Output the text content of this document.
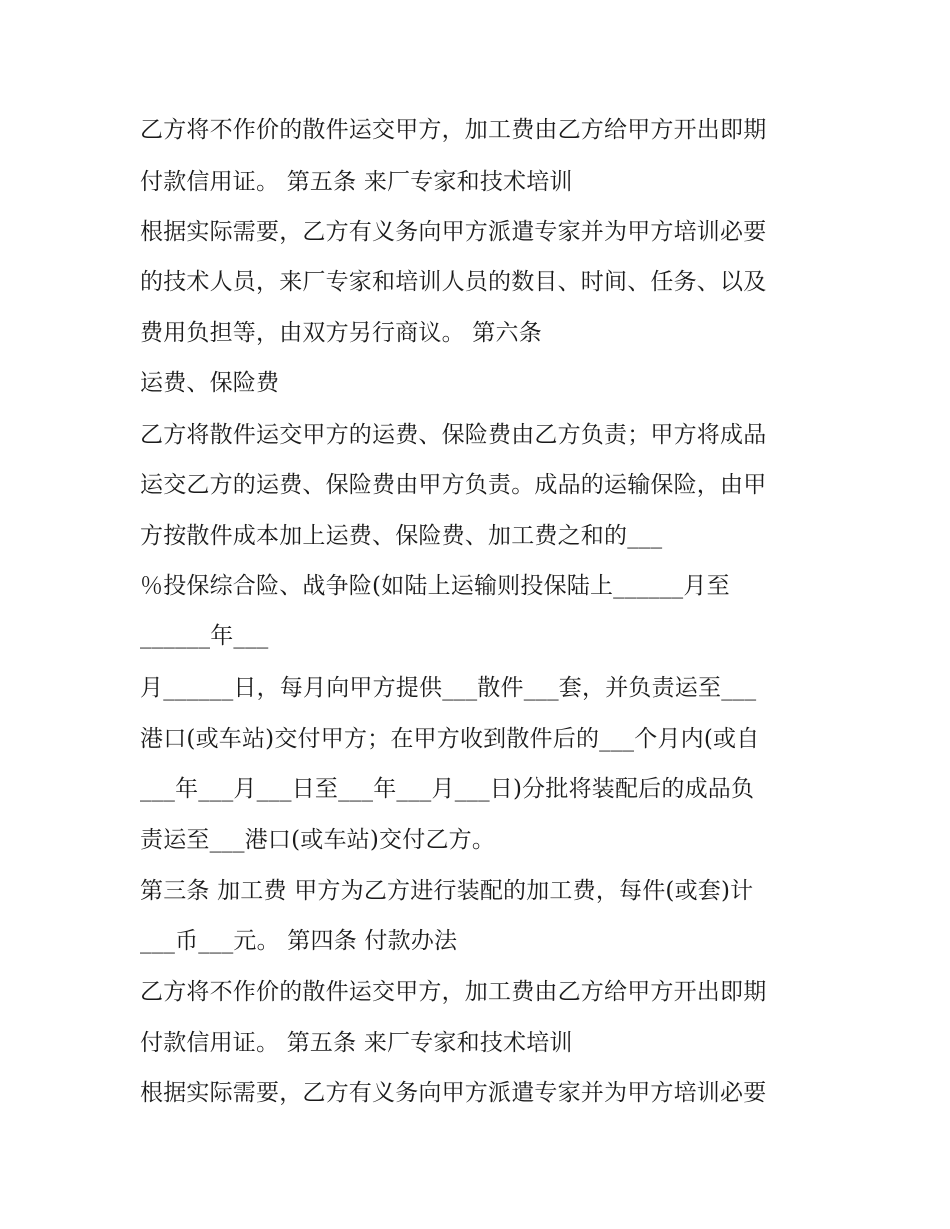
乙方将不作价的散件运交甲方，加工费由乙方给甲方开出即期
付款信用证。 第五条 来厂专家和技术培训
根据实际需要，乙方有义务向甲方派遣专家并为甲方培训必要
的技术人员，来厂专家和培训人员的数目、时间、任务、以及
费用负担等，由双方另行商议。 第六条
运费、保险费
乙方将散件运交甲方的运费、保险费由乙方负责；甲方将成品
运交乙方的运费、保险费由甲方负责。成品的运输保险，由甲
方按散件成本加上运费、保险费、加工费之和的___
％投保综合险、战争险(如陆上运输则投保陆上______月至
______年___
月______日，每月向甲方提供___散件___套，并负责运至___
港口(或车站)交付甲方；在甲方收到散件后的___个月内(或自
___年___月___日至___年___月___日)分批将装配后的成品负
责运至___港口(或车站)交付乙方。
第三条 加工费 甲方为乙方进行装配的加工费，每件(或套)计
___币___元。 第四条 付款办法
乙方将不作价的散件运交甲方，加工费由乙方给甲方开出即期
付款信用证。 第五条 来厂专家和技术培训
根据实际需要，乙方有义务向甲方派遣专家并为甲方培训必要
